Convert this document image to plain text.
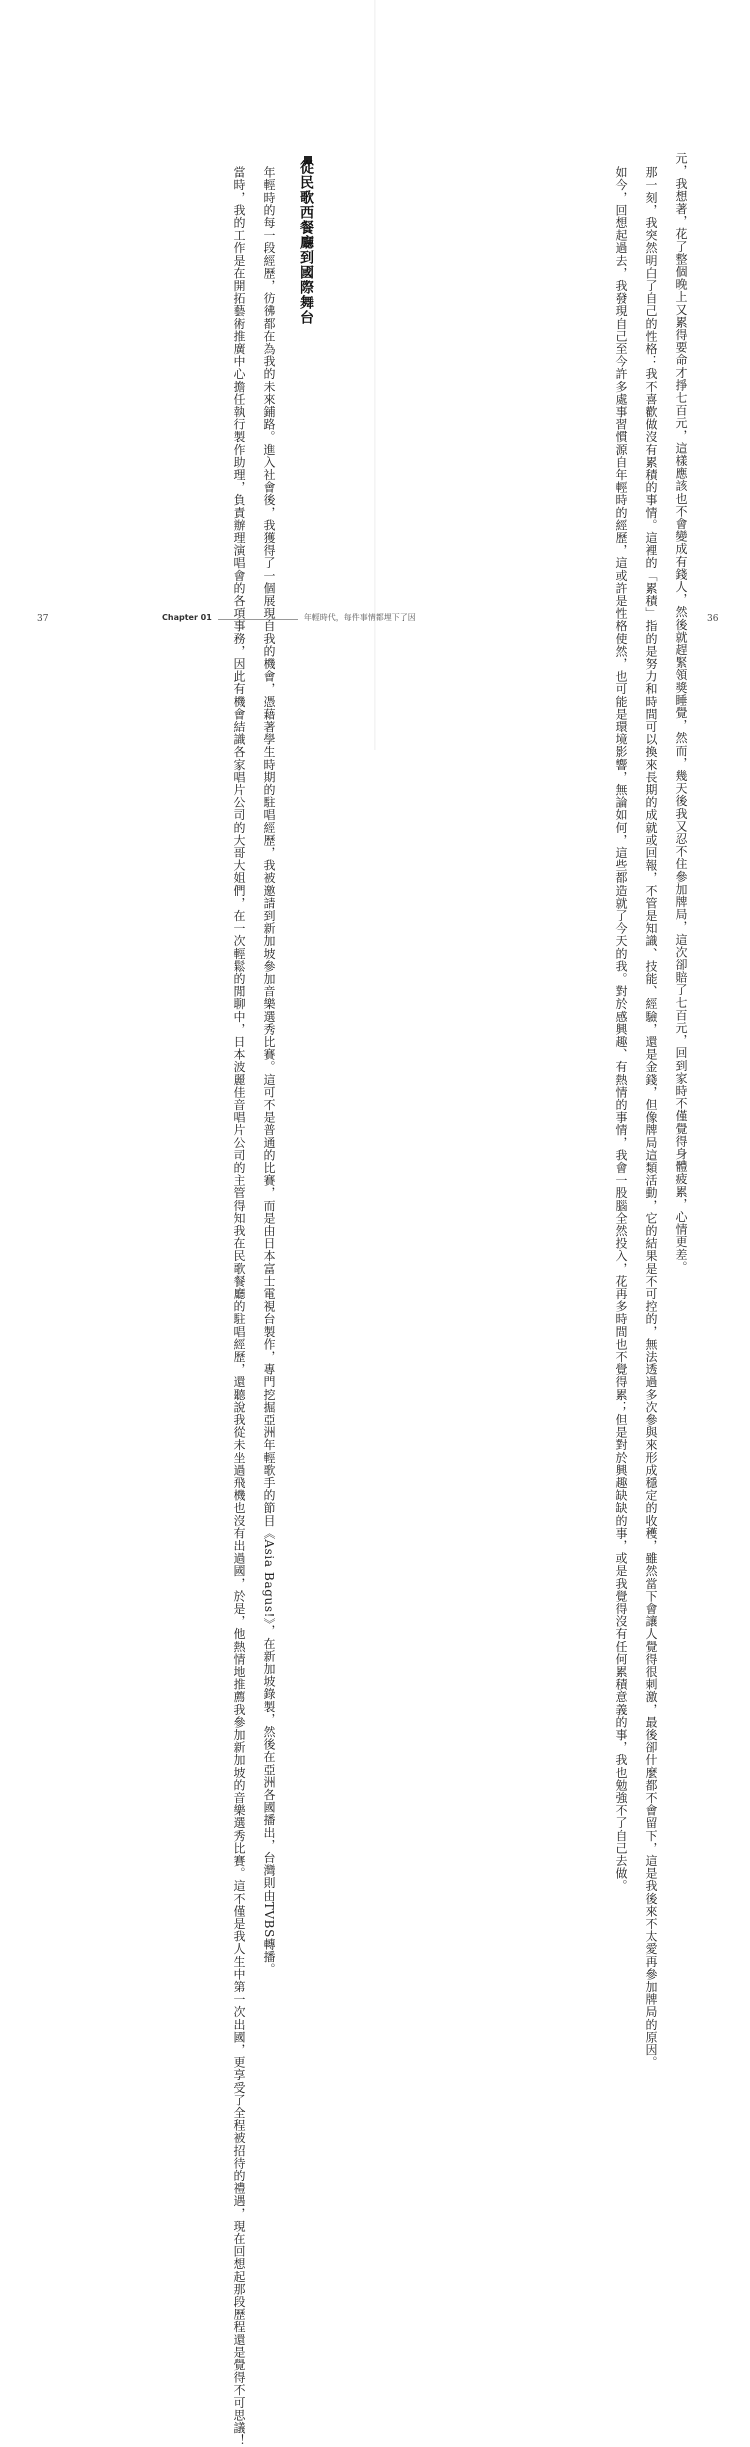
元，我想著，花了整個晚上又累得要命才掙七百元，這樣應該也不會變成有錢人，然後就趕緊領獎睡覺，然而，幾天後我又忍不住參加牌局，這次卻賠了七百元，回到家時不僅覺得身體疲累，心情更差。

那一刻，我突然明白了自己的性格：我不喜歡做沒有累積的事情。這裡的「累積」指的是努力和時間可以換來長期的成就或回報，不管是知識、技能、經驗，還是金錢，但像牌局這類活動，它的結果是不可控的，無法透過多次參與來形成穩定的收穫，雖然當下會讓人覺得很刺激，最後卻什麼都不會留下，這是我後來不太愛再參加牌局的原因。

如今，回想起過去，我發現自己至今許多處事習慣源自年輕時的經歷，這或許是性格使然，也可能是環境影響，無論如何，這些都造就了今天的我。對於感興趣、有熱情的事情，我會一股腦全然投入，花再多時間也不覺得累；但是對於興趣缺缺的事，或是我覺得沒有任何累積意義的事，我也勉強不了自己去做。

從民歌西餐廳到國際舞台

年輕時的每一段經歷，彷彿都在為我的未來鋪路。進入社會後，我獲得了一個展現自我的機會，憑藉著學生時期的駐唱經歷，我被邀請到新加坡參加音樂選秀比賽。這可不是普通的比賽，而是由日本富士電視台製作，專門挖掘亞洲年輕歌手的節目《Asia Bagus!》，在新加坡錄製，然後在亞洲各國播出，台灣則由TVBS轉播。

當時，我的工作是在開拓藝術推廣中心擔任執行製作助理，負責辦理演唱會的各項事務，因此有機會結識各家唱片公司的大哥大姐們，在一次輕鬆的閒聊中，日本波麗佳音唱片公司的主管得知我在民歌餐廳的駐唱經歷，還聽說我從未坐過飛機也沒有出過國，於是，他熱情地推薦我參加新加坡的音樂選秀比賽。這不僅是我人生中第一次出國，更享受了全程被招待的禮遇，現在回想起那段歷程還是覺得不可思議！

37	Chapter 01	年輕時代，每件事情都埋下了因	36
